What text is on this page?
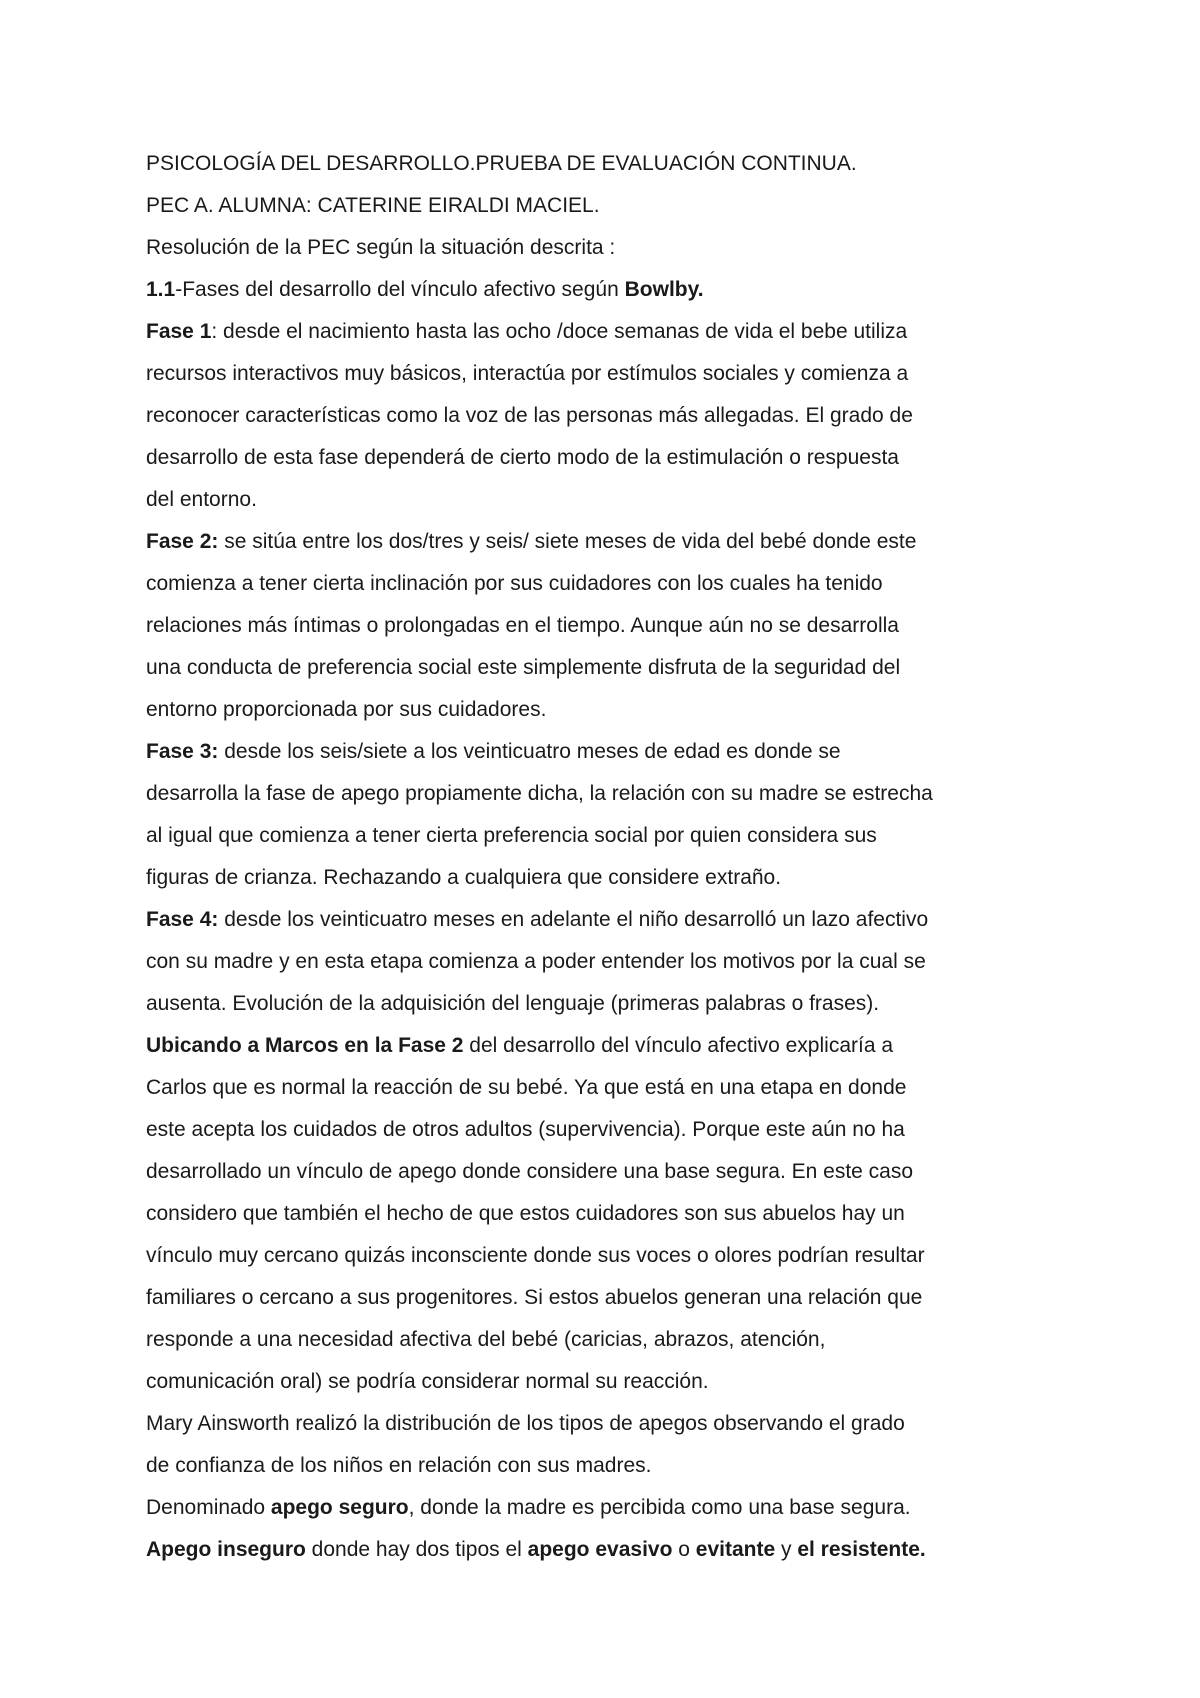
PSICOLOGÍA DEL DESARROLLO.PRUEBA DE EVALUACIÓN CONTINUA.
PEC A. ALUMNA: CATERINE EIRALDI MACIEL.
Resolución de la PEC según la situación descrita :
1.1-Fases del desarrollo del vínculo afectivo según Bowlby.
Fase 1: desde el nacimiento hasta las ocho /doce semanas de vida el bebe utiliza
recursos interactivos muy básicos, interactúa por estímulos sociales y comienza a
reconocer características como la voz de las personas más allegadas. El grado de
desarrollo de esta fase dependerá de cierto modo de la estimulación o respuesta
del entorno.
Fase 2: se sitúa entre los dos/tres y seis/ siete meses de vida del bebé donde este
comienza a tener cierta inclinación por sus cuidadores con los cuales ha tenido
relaciones más íntimas o prolongadas en el tiempo. Aunque aún no se desarrolla
una conducta de preferencia social este simplemente disfruta de la seguridad del
entorno proporcionada por sus cuidadores.
Fase 3: desde los seis/siete a los veinticuatro meses de edad es donde se
desarrolla la fase de apego propiamente dicha, la relación con su madre se estrecha
al igual que comienza a tener cierta preferencia social por quien considera sus
figuras de crianza. Rechazando a cualquiera que considere extraño.
Fase 4: desde los veinticuatro meses en adelante el niño desarrolló un lazo afectivo
con su madre y en esta etapa comienza a poder entender los motivos por la cual se
ausenta. Evolución de la adquisición del lenguaje (primeras palabras o frases).
Ubicando a Marcos en la Fase 2 del desarrollo del vínculo afectivo explicaría a
Carlos que es normal la reacción de su bebé. Ya que está en una etapa en donde
este acepta los cuidados de otros adultos (supervivencia). Porque este aún no ha
desarrollado un vínculo de apego donde considere una base segura. En este caso
considero que también el hecho de que estos cuidadores son sus abuelos hay un
vínculo muy cercano quizás inconsciente donde sus voces o olores podrían resultar
familiares o cercano a sus progenitores. Si estos abuelos generan una relación que
responde a una necesidad afectiva del bebé (caricias, abrazos, atención,
comunicación oral) se podría considerar normal su reacción.
Mary Ainsworth realizó la distribución de los tipos de apegos observando el grado
de confianza de los niños en relación con sus madres.
Denominado apego seguro, donde la madre es percibida como una base segura.
Apego inseguro donde hay dos tipos el apego evasivo o evitante y el resistente.
